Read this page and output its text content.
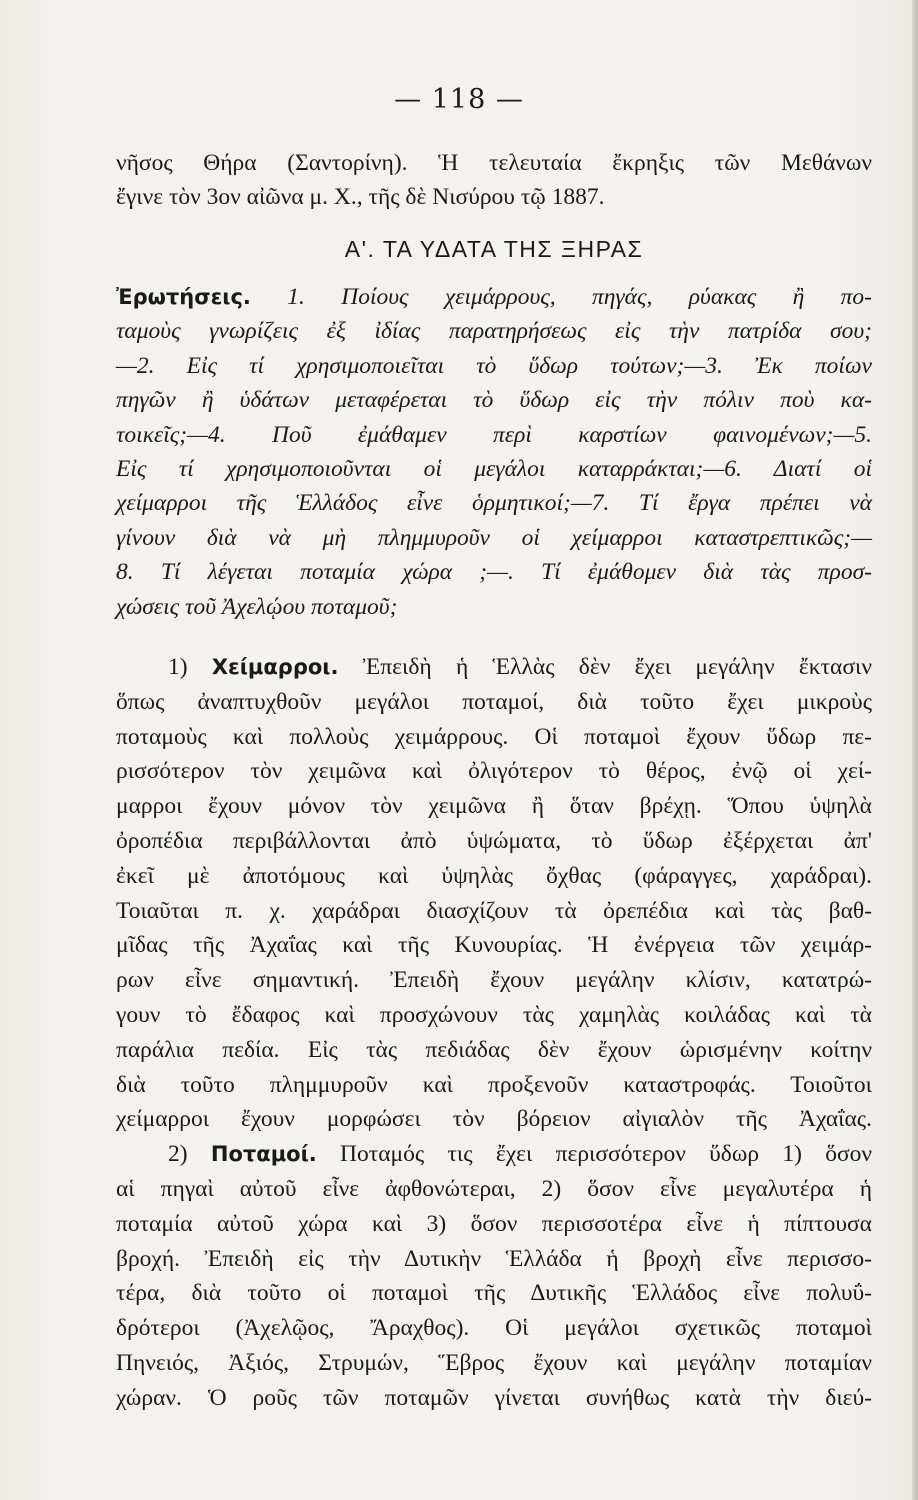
— 118 —
νῆσος Θήρα (Σαντορίνη). Ἡ τελευταία ἔκρηξις τῶν Μεθάνων
ἔγινε τὸν 3ον αἰῶνα μ. Χ., τῆς δὲ Νισύρου τῷ 1887.
Α'. ΤΑ ΥΔΑΤΑ ΤΗΣ ΞΗΡΑΣ
Ἐρωτήσεις. 1. Ποίους χειμάρρους, πηγάς, ρύακας ἢ πο-
ταμοὺς γνωρίζεις ἐξ ἰδίας παρατηρήσεως εἰς τὴν πατρίδα σου;
—2. Εἰς τί χρησιμοποιεῖται τὸ ὕδωρ τούτων;—3. Ἐκ ποίων
πηγῶν ἢ ὑδάτων μεταφέρεται τὸ ὕδωρ εἰς τὴν πόλιν ποὺ κα-
τοικεῖς;—4. Ποῦ ἐμάθαμεν περὶ καρστίων φαινομένων;—5.
Εἰς τί χρησιμοποιοῦνται οἱ μεγάλοι καταρράκται;—6. Διατί οἱ
χείμαρροι τῆς Ἑλλάδος εἶνε ὁρμητικοί;—7. Τί ἔργα πρέπει νὰ
γίνουν διὰ νὰ μὴ πλημμυροῦν οἱ χείμαρροι καταστρεπτικῶς;—
8. Τί λέγεται ποταμία χώρα ;—. Τί ἐμάθομεν διὰ τὰς προσ-
χώσεις τοῦ Ἀχελῴου ποταμοῦ;
1) Χείμαρροι. Ἐπειδὴ ἡ Ἑλλὰς δὲν ἔχει μεγάλην ἔκτασιν
ὅπως ἀναπτυχθοῦν μεγάλοι ποταμοί, διὰ τοῦτο ἔχει μικροὺς
ποταμοὺς καὶ πολλοὺς χειμάρρους. Οἱ ποταμοὶ ἔχουν ὕδωρ πε-
ρισσότερον τὸν χειμῶνα καὶ ὀλιγότερον τὸ θέρος, ἐνῷ οἱ χεί-
μαρροι ἔχουν μόνον τὸν χειμῶνα ἢ ὅταν βρέχῃ. Ὅπου ὑψηλὰ
ὀροπέδια περιβάλλονται ἀπὸ ὑψώματα, τὸ ὕδωρ ἐξέρχεται ἀπ'
ἐκεῖ μὲ ἀποτόμους καὶ ὑψηλὰς ὄχθας (φάραγγες, χαράδραι).
Τοιαῦται π. χ. χαράδραι διασχίζουν τὰ ὀρεπέδια καὶ τὰς βαθ-
μῖδας τῆς Ἀχαΐας καὶ τῆς Κυνουρίας. Ἡ ἐνέργεια τῶν χειμάρ-
ρων εἶνε σημαντική. Ἐπειδὴ ἔχουν μεγάλην κλίσιν, κατατρώ-
γουν τὸ ἔδαφος καὶ προσχώνουν τὰς χαμηλὰς κοιλάδας καὶ τὰ
παράλια πεδία. Εἰς τὰς πεδιάδας δὲν ἔχουν ὡρισμένην κοίτην
διὰ τοῦτο πλημμυροῦν καὶ προξενοῦν καταστροφάς. Τοιοῦτοι
χείμαρροι ἔχουν μορφώσει τὸν βόρειον αἰγιαλὸν τῆς Ἀχαΐας.
2) Ποταμοί. Ποταμός τις ἔχει περισσότερον ὕδωρ 1) ὅσον
αἱ πηγαὶ αὐτοῦ εἶνε ἀφθονώτεραι, 2) ὅσον εἶνε μεγαλυτέρα ἡ
ποταμία αὐτοῦ χώρα καὶ 3) ὅσον περισσοτέρα εἶνε ἡ πίπτουσα
βροχή. Ἐπειδὴ εἰς τὴν Δυτικὴν Ἑλλάδα ἡ βροχὴ εἶνε περισσο-
τέρα, διὰ τοῦτο οἱ ποταμοὶ τῆς Δυτικῆς Ἑλλάδος εἶνε πολυΰ-
δρότεροι (Ἀχελῷος, Ἄραχθος). Οἱ μεγάλοι σχετικῶς ποταμοὶ
Πηνειός, Ἀξιός, Στρυμών, Ἕβρος ἔχουν καὶ μεγάλην ποταμίαν
χώραν. Ὁ ροῦς τῶν ποταμῶν γίνεται συνήθως κατὰ τὴν διεύ-
